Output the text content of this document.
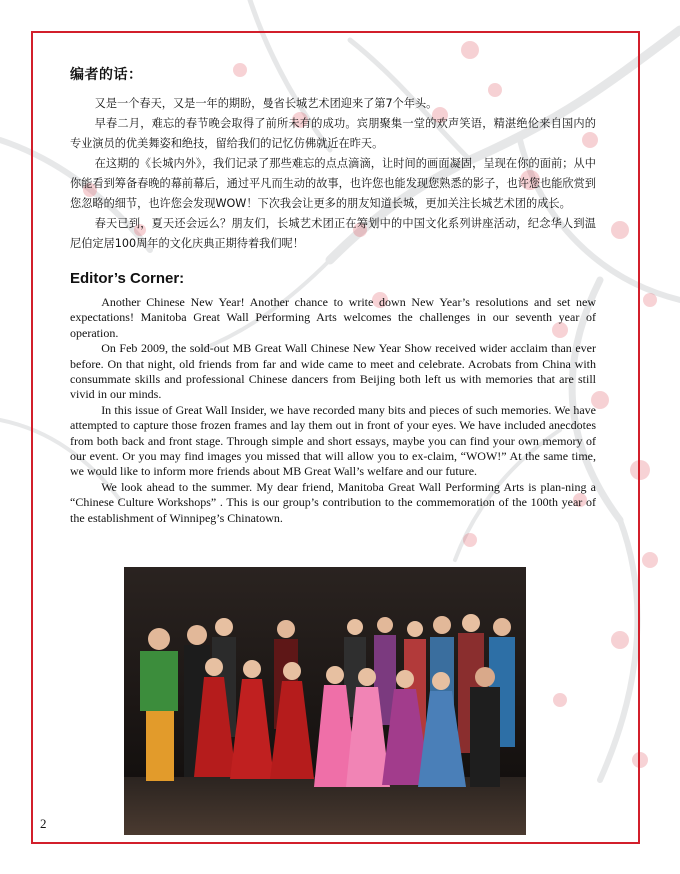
编者的话：

又是一个春天，又是一年的期盼，曼省长城艺术团迎来了第7个年头。

早春二月，难忘的春节晚会取得了前所未有的成功。宾朋聚集一堂的欢声笑语，精湛绝伦来自国内的专业演员的优美舞姿和绝技，留给我们的记忆仿佛就近在昨天。

在这期的《长城内外》，我们记录了那些难忘的点点滴滴，让时间的画面凝固，呈现在你的面前；从中你能看到筹备春晚的幕前幕后，通过平凡而生动的故事，也许您也能发现您熟悉的影子，也许您也能欣赏到您忽略的细节，也许您会发现WOW！下次我会让更多的朋友知道长城，更加关注长城艺术团的成长。

春天已到，夏天还会远么？朋友们，长城艺术团正在筹划中的中国文化系列讲座活动，纪念华人到温尼伯定居100周年的文化庆典正期待着我们呢！

Editor’s Corner:

Another Chinese New Year! Another chance to write down New Year’s resolutions and set new expectations! Manitoba Great Wall Performing Arts welcomes the challenges in our seventh year of operation.

On Feb 2009, the sold-out MB Great Wall Chinese New Year Show received wider acclaim than ever before. On that night, old friends from far and wide came to meet and celebrate. Acrobats from China with consummate skills and professional Chinese dancers from Beijing both left us with memories that are still vivid in our minds.

In this issue of Great Wall Insider, we have recorded many bits and pieces of such memories. We have attempted to capture those frozen frames and lay them out in front of your eyes. We have included anecdotes from both back and front stage. Through simple and short essays, maybe you can find your own memory of our event. Or you may find images you missed that will allow you to ex-claim, “WOW!” At the same time, we would like to inform more friends about MB Great Wall’s welfare and our future.

We look ahead to the summer. My dear friend, Manitoba Great Wall Performing Arts is plan-ning a “Chinese Culture Workshops” . This is our group’s contribution to the commemoration of the 100th year of the establishment of Winnipeg’s Chinatown.

2
